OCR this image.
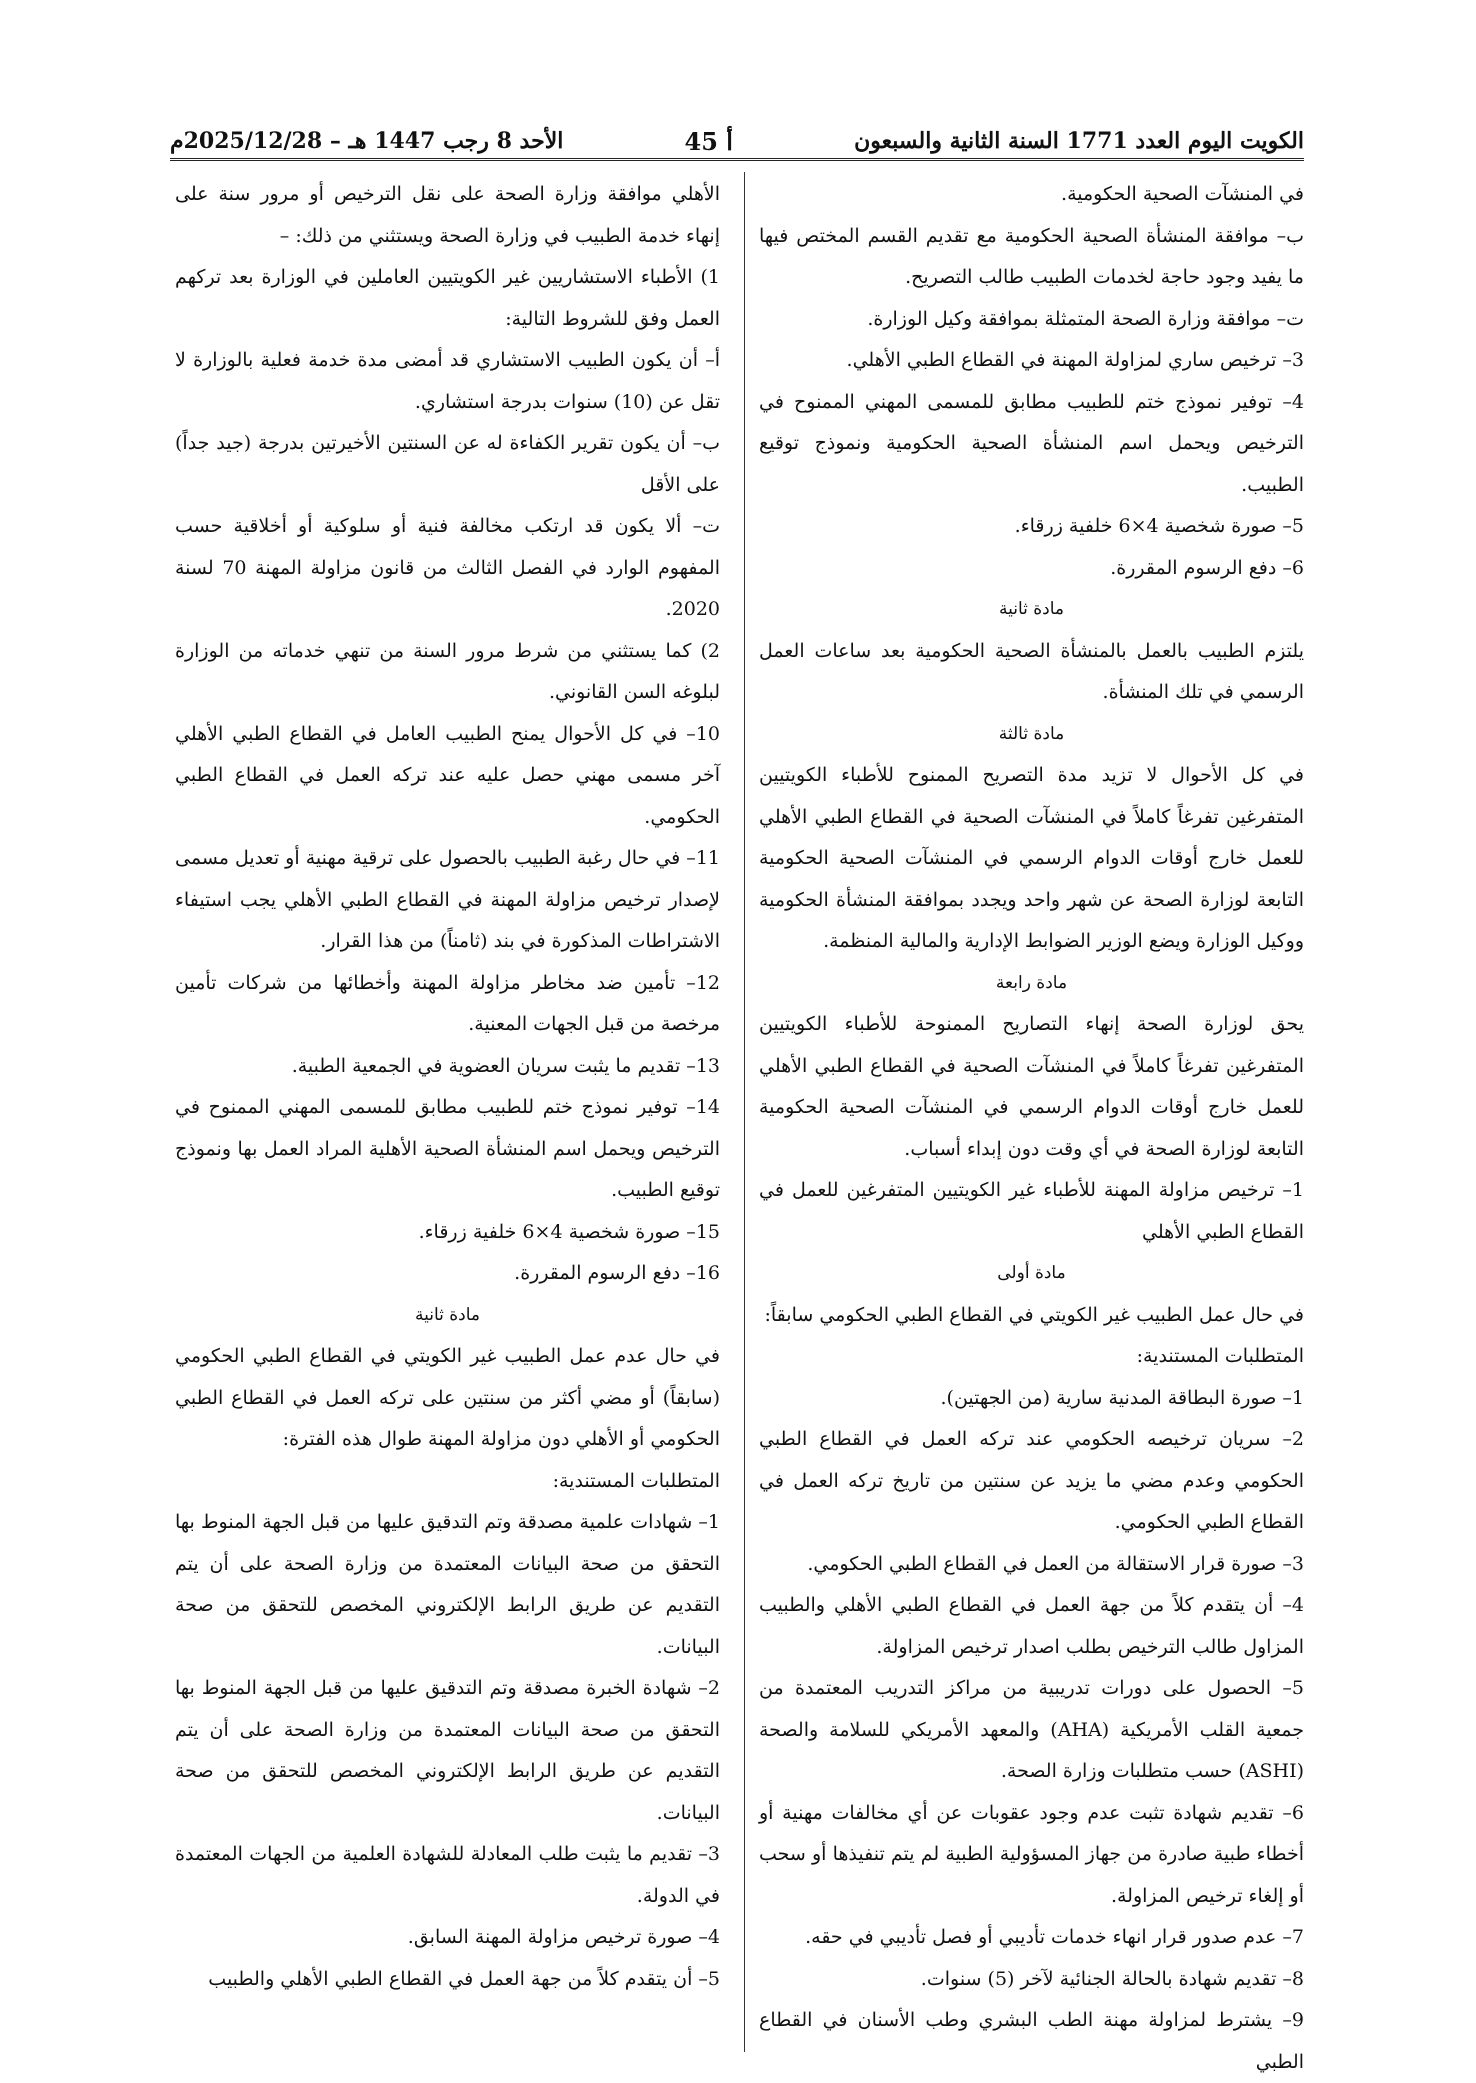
الكويت اليوم العدد 1771 السنة الثانية والسبعون
أ 45
الأحد 8 رجب 1447 هـ – 2025/12/28م

في المنشآت الصحية الحكومية.

ب– موافقة المنشأة الصحية الحكومية مع تقديم القسم المختص فيها ما يفيد وجود حاجة لخدمات الطبيب طالب التصريح.

ت– موافقة وزارة الصحة المتمثلة بموافقة وكيل الوزارة.

3– ترخيص ساري لمزاولة المهنة في القطاع الطبي الأهلي.

4– توفير نموذج ختم للطبيب مطابق للمسمى المهني الممنوح في الترخيص ويحمل اسم المنشأة الصحية الحكومية ونموذج توقيع الطبيب.

5– صورة شخصية 4×6 خلفية زرقاء.

6– دفع الرسوم المقررة.

مادة ثانية

يلتزم الطبيب بالعمل بالمنشأة الصحية الحكومية بعد ساعات العمل الرسمي في تلك المنشأة.

مادة ثالثة

في كل الأحوال لا تزيد مدة التصريح الممنوح للأطباء الكويتيين المتفرغين تفرغاً كاملاً في المنشآت الصحية في القطاع الطبي الأهلي للعمل خارج أوقات الدوام الرسمي في المنشآت الصحية الحكومية التابعة لوزارة الصحة عن شهر واحد ويجدد بموافقة المنشأة الحكومية ووكيل الوزارة ويضع الوزير الضوابط الإدارية والمالية المنظمة.

مادة رابعة

يحق لوزارة الصحة إنهاء التصاريح الممنوحة للأطباء الكويتيين المتفرغين تفرغاً كاملاً في المنشآت الصحية في القطاع الطبي الأهلي للعمل خارج أوقات الدوام الرسمي في المنشآت الصحية الحكومية التابعة لوزارة الصحة في أي وقت دون إبداء أسباب.

1– ترخيص مزاولة المهنة للأطباء غير الكويتيين المتفرغين للعمل في القطاع الطبي الأهلي

مادة أولى

في حال عمل الطبيب غير الكويتي في القطاع الطبي الحكومي سابقاً:

المتطلبات المستندية:

1– صورة البطاقة المدنية سارية (من الجهتين).

2– سريان ترخيصه الحكومي عند تركه العمل في القطاع الطبي الحكومي وعدم مضي ما يزيد عن سنتين من تاريخ تركه العمل في القطاع الطبي الحكومي.

3– صورة قرار الاستقالة من العمل في القطاع الطبي الحكومي.

4– أن يتقدم كلاً من جهة العمل في القطاع الطبي الأهلي والطبيب المزاول طالب الترخيص بطلب اصدار ترخيص المزاولة.

5– الحصول على دورات تدريبية من مراكز التدريب المعتمدة من جمعية القلب الأمريكية (AHA) والمعهد الأمريكي للسلامة والصحة (ASHI) حسب متطلبات وزارة الصحة.

6– تقديم شهادة تثبت عدم وجود عقوبات عن أي مخالفات مهنية أو أخطاء طبية صادرة من جهاز المسؤولية الطبية لم يتم تنفيذها أو سحب أو إلغاء ترخيص المزاولة.

7– عدم صدور قرار انهاء خدمات تأديبي أو فصل تأديبي في حقه.

8– تقديم شهادة بالحالة الجنائية لآخر (5) سنوات.

9– يشترط لمزاولة مهنة الطب البشري وطب الأسنان في القطاع الطبي

الأهلي موافقة وزارة الصحة على نقل الترخيص أو مرور سنة على إنهاء خدمة الطبيب في وزارة الصحة ويستثني من ذلك: –

1) الأطباء الاستشاريين غير الكويتيين العاملين في الوزارة بعد تركهم العمل وفق للشروط التالية:

أ– أن يكون الطبيب الاستشاري قد أمضى مدة خدمة فعلية بالوزارة لا تقل عن (10) سنوات بدرجة استشاري.

ب– أن يكون تقرير الكفاءة له عن السنتين الأخيرتين بدرجة (جيد جداً) على الأقل

ت– ألا يكون قد ارتكب مخالفة فنية أو سلوكية أو أخلاقية حسب المفهوم الوارد في الفصل الثالث من قانون مزاولة المهنة 70 لسنة 2020.

2) كما يستثني من شرط مرور السنة من تنهي خدماته من الوزارة لبلوغه السن القانوني.

10– في كل الأحوال يمنح الطبيب العامل في القطاع الطبي الأهلي آخر مسمى مهني حصل عليه عند تركه العمل في القطاع الطبي الحكومي.

11– في حال رغبة الطبيب بالحصول على ترقية مهنية أو تعديل مسمى لإصدار ترخيص مزاولة المهنة في القطاع الطبي الأهلي يجب استيفاء الاشتراطات المذكورة في بند (ثامناً) من هذا القرار.

12– تأمين ضد مخاطر مزاولة المهنة وأخطائها من شركات تأمين مرخصة من قبل الجهات المعنية.

13– تقديم ما يثبت سريان العضوية في الجمعية الطبية.

14– توفير نموذج ختم للطبيب مطابق للمسمى المهني الممنوح في الترخيص ويحمل اسم المنشأة الصحية الأهلية المراد العمل بها ونموذج توقيع الطبيب.

15– صورة شخصية 4×6 خلفية زرقاء.

16– دفع الرسوم المقررة.

مادة ثانية

في حال عدم عمل الطبيب غير الكويتي في القطاع الطبي الحكومي (سابقاً) أو مضي أكثر من سنتين على تركه العمل في القطاع الطبي الحكومي أو الأهلي دون مزاولة المهنة طوال هذه الفترة:

المتطلبات المستندية:

1– شهادات علمية مصدقة وتم التدقيق عليها من قبل الجهة المنوط بها التحقق من صحة البيانات المعتمدة من وزارة الصحة على أن يتم التقديم عن طريق الرابط الإلكتروني المخصص للتحقق من صحة البيانات.

2– شهادة الخبرة مصدقة وتم التدقيق عليها من قبل الجهة المنوط بها التحقق من صحة البيانات المعتمدة من وزارة الصحة على أن يتم التقديم عن طريق الرابط الإلكتروني المخصص للتحقق من صحة البيانات.

3– تقديم ما يثبت طلب المعادلة للشهادة العلمية من الجهات المعتمدة في الدولة.

4– صورة ترخيص مزاولة المهنة السابق.

5– أن يتقدم كلاً من جهة العمل في القطاع الطبي الأهلي والطبيب
